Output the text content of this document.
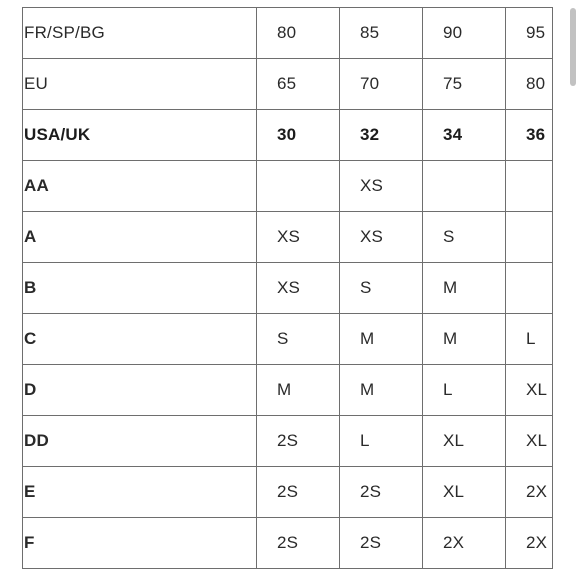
FR/SP/BG	80	85	90	95
EU	65	70	75	80
USA/UK	30	32	34	36
AA		XS		
A	XS	XS	S	
B	XS	S	M	
C	S	M	M	L
D	M	M	L	XL
DD	2S	L	XL	XL
E	2S	2S	XL	2X
F	2S	2S	2X	2X
